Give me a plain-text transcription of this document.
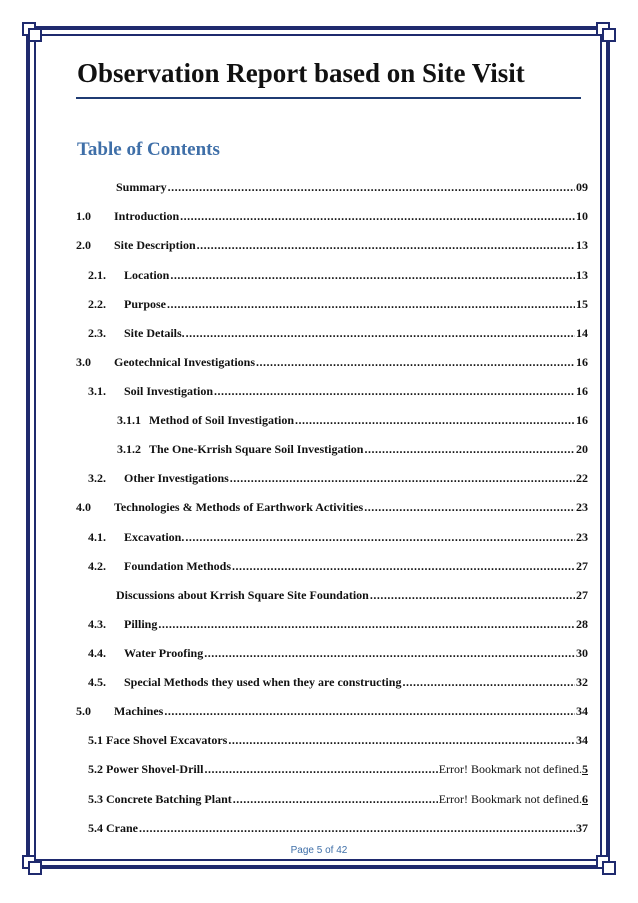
Observation Report based on Site Visit
Table of Contents
Summary .....	09
1.0	Introduction .....	10
2.0	Site Description .....	13
2.1.	Location .....	13
2.2.	Purpose .....	15
2.3.	Site Details. .....	14
3.0	Geotechnical Investigations .....	16
3.1.	Soil Investigation .....	16
3.1.1 Method of Soil Investigation .....	16
3.1.2 The One-Krrish Square Soil Investigation .....	20
3.2.	Other Investigations .....	22
4.0	Technologies & Methods of Earthwork Activities .....	23
4.1.	Excavation. .....	23
4.2.	Foundation Methods .....	27
Discussions about Krrish Square Site Foundation .....	27
4.3.	Pilling .....	28
4.4.	Water Proofing .....	30
4.5.	Special Methods they used when they are constructing .....	32
5.0	Machines .....	34
5.1 Face Shovel Excavators .....	34
5.2 Power Shovel-Drill .....	Error! Bookmark not defined. 5
5.3 Concrete Batching Plant .....	Error! Bookmark not defined. 6
5.4 Crane .....	37
Page 5 of 42
